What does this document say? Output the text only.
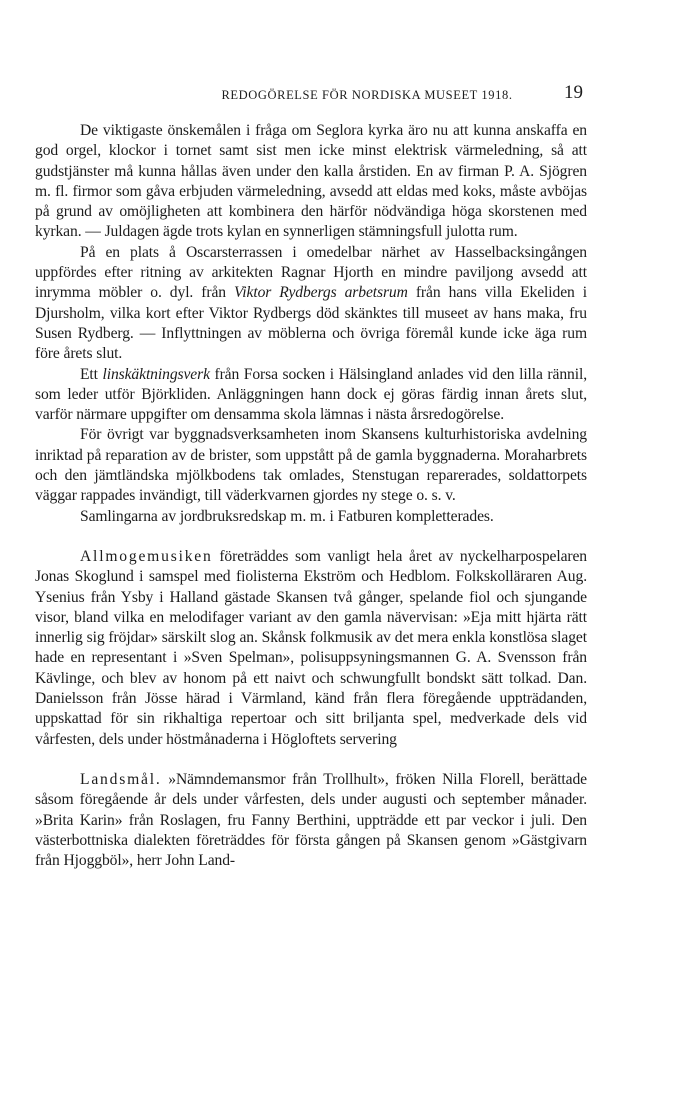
REDOGÖRELSE FÖR NORDISKA MUSEET 1918.	19

De viktigaste önskemålen i fråga om Seglora kyrka äro nu att kunna anskaffa en god orgel, klockor i tornet samt sist men icke minst elektrisk värmeledning, så att gudstjänster må kunna hållas även under den kalla årstiden. En av firman P. A. Sjögren m. fl. firmor som gåva erbjuden värmeledning, avsedd att eldas med koks, måste avböjas på grund av omöjligheten att kombinera den härför nödvändiga höga skorstenen med kyrkan. — Juldagen ägde trots kylan en synnerligen stämningsfull julotta rum.

På en plats å Oscarsterrassen i omedelbar närhet av Hasselbacksingången uppfördes efter ritning av arkitekten Ragnar Hjorth en mindre paviljong avsedd att inrymma möbler o. dyl. från Viktor Rydbergs arbetsrum från hans villa Ekeliden i Djursholm, vilka kort efter Viktor Rydbergs död skänktes till museet av hans maka, fru Susen Rydberg. — Inflyttningen av möblerna och övriga föremål kunde icke äga rum före årets slut.

Ett linskäktningsverk från Forsa socken i Hälsingland anlades vid den lilla rännil, som leder utför Björkliden. Anläggningen hann dock ej göras färdig innan årets slut, varför närmare uppgifter om densamma skola lämnas i nästa årsredogörelse.

För övrigt var byggnadsverksamheten inom Skansens kulturhistoriska avdelning inriktad på reparation av de brister, som uppstått på de gamla byggnaderna. Moraharbrets och den jämtländska mjölkbodens tak omlades, Stenstugan reparerades, soldattorpets väggar rappades invändigt, till väderkvarnen gjordes ny stege o. s. v.

Samlingarna av jordbruksredskap m. m. i Fatburen kompletterades.

Allmogemusiken företräddes som vanligt hela året av nyckelharpospelaren Jonas Skoglund i samspel med fiolisterna Ekström och Hedblom. Folkskolläraren Aug. Ysenius från Ysby i Halland gästade Skansen två gånger, spelande fiol och sjungande visor, bland vilka en melodifager variant av den gamla nävervisan: »Eja mitt hjärta rätt innerlig sig fröjdar» särskilt slog an. Skånsk folkmusik av det mera enkla konstlösa slaget hade en representant i »Sven Spelman», polisuppsyningsmannen G. A. Svensson från Kävlinge, och blev av honom på ett naivt och schwungfullt bondskt sätt tolkad. Dan. Danielsson från Jösse härad i Värmland, känd från flera föregående uppträdanden, uppskattad för sin rikhaltiga repertoar och sitt briljanta spel, medverkade dels vid vårfesten, dels under höstmånaderna i Högloftets servering

Landsmål. »Nämndemansmor från Trollhult», fröken Nilla Florell, berättade såsom föregående år dels under vårfesten, dels under augusti och september månader. »Brita Karin» från Roslagen, fru Fanny Berthini, uppträdde ett par veckor i juli. Den västerbottniska dialekten företräddes för första gången på Skansen genom »Gästgivarn från Hjoggböl», herr John Land-
